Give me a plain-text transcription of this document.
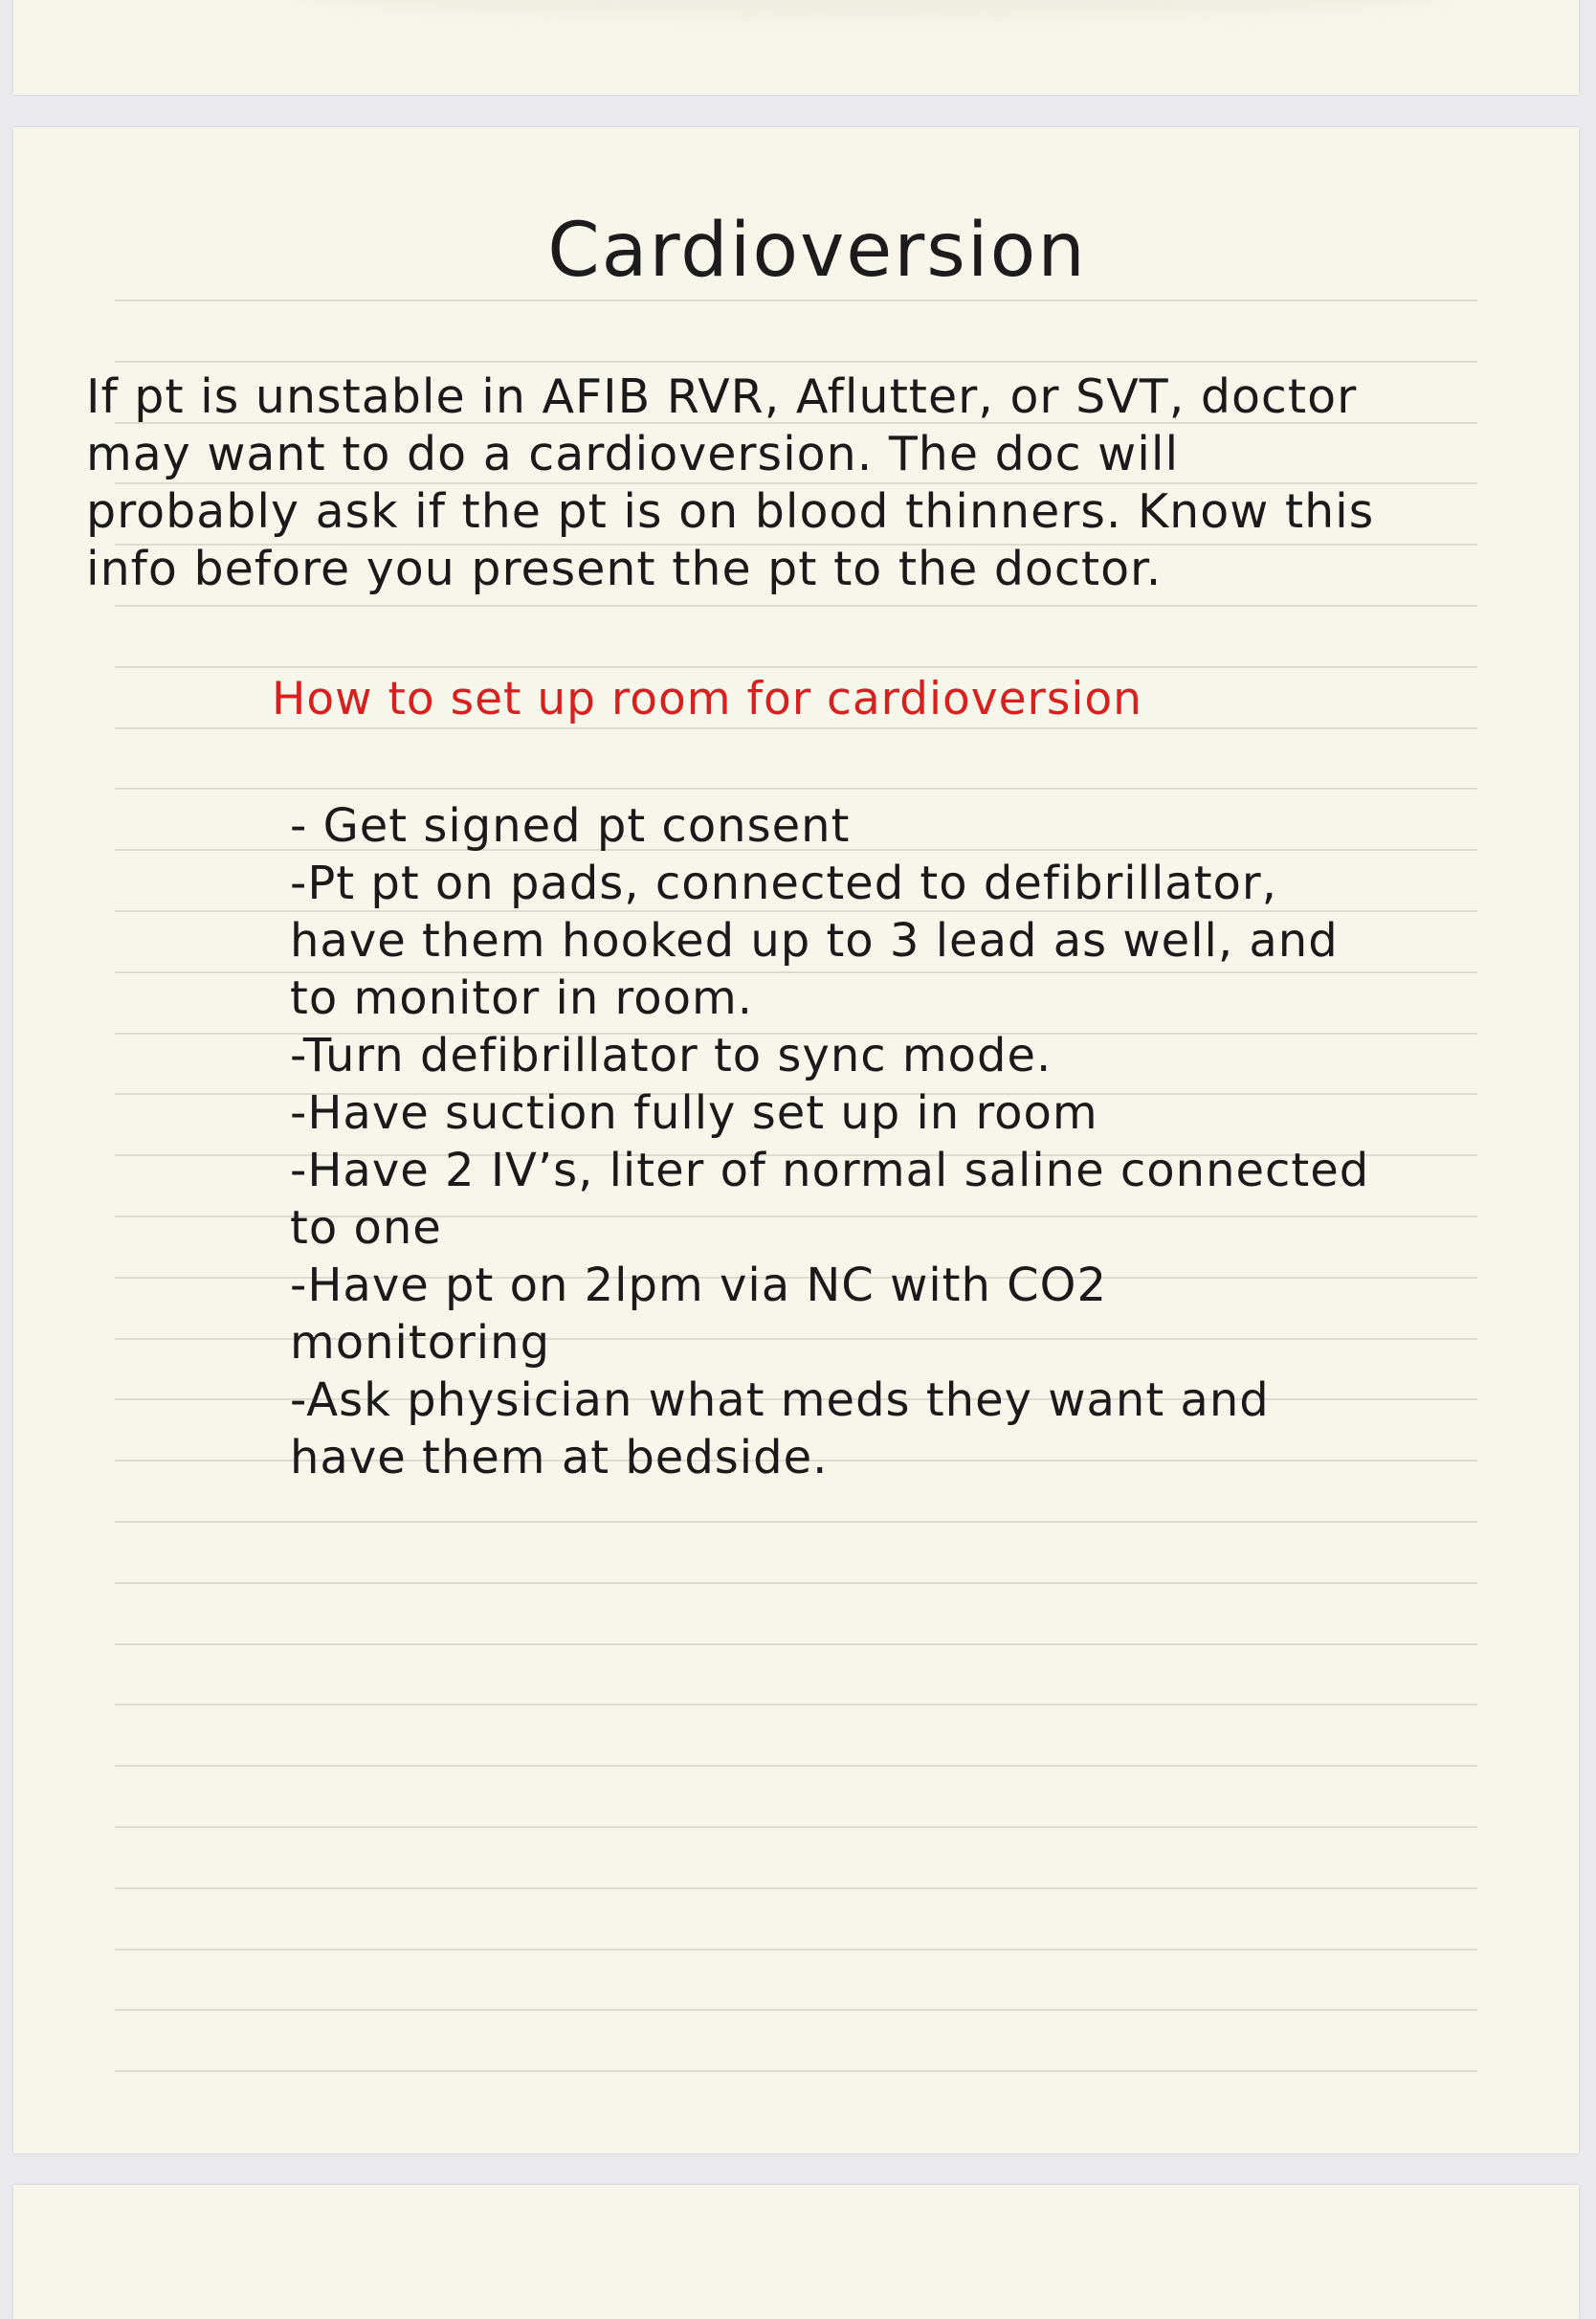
Cardioversion

If pt is unstable in AFIB RVR, Aflutter, or SVT, doctor may want to do a cardioversion. The doc will probably ask if the pt is on blood thinners. Know this info before you present the pt to the doctor.

How to set up room for cardioversion
- Get signed pt consent
-Pt pt on pads, connected to defibrillator, have them hooked up to 3 lead as well, and to monitor in room.
-Turn defibrillator to sync mode.
-Have suction fully set up in room
-Have 2 IV’s, liter of normal saline connected to one
-Have pt on 2lpm via NC with CO2 monitoring
-Ask physician what meds they want and have them at bedside.
